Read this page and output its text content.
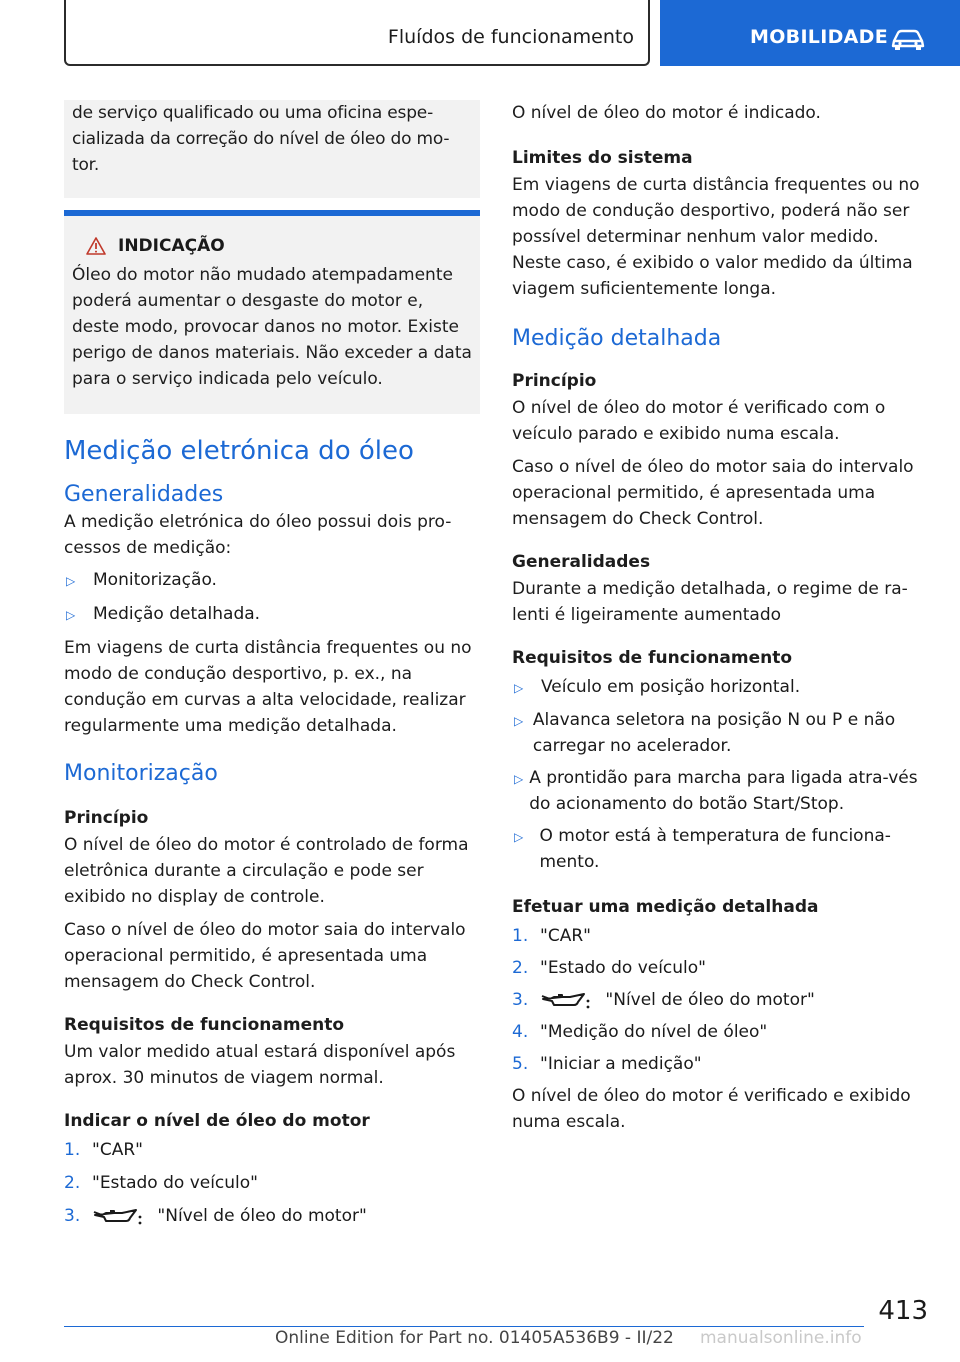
Fluídos de funcionamento	MOBILIDADE

de serviço qualificado ou uma oficina espe-cializada da correção do nível de óleo do mo-tor.

INDICAÇÃO

Óleo do motor não mudado atempadamente poderá aumentar o desgaste do motor e, deste modo, provocar danos no motor. Existe perigo de danos materiais. Não exceder a data para o serviço indicada pelo veículo.

Medição eletrónica do óleo
Generalidades

A medição eletrónica do óleo possui dois pro-cessos de medição:

▷	Monitorização.
▷	Medição detalhada.

Em viagens de curta distância frequentes ou no modo de condução desportivo, p. ex., na condução em curvas a alta velocidade, realizar regularmente uma medição detalhada.

Monitorização
Princípio

O nível de óleo do motor é controlado de forma eletrônica durante a circulação e pode ser exibido no display de controle.

Caso o nível de óleo do motor saia do intervalo operacional permitido, é apresentada uma mensagem do Check Control.

Requisitos de funcionamento

Um valor medido atual estará disponível após aprox. 30 minutos de viagem normal.

Indicar o nível de óleo do motor
1. "CAR"
2. "Estado do veículo"
3.	"Nível de óleo do motor"

O nível de óleo do motor é indicado.

Limites do sistema

Em viagens de curta distância frequentes ou no modo de condução desportivo, poderá não ser possível determinar nenhum valor medido. Neste caso, é exibido o valor medido da última viagem suficientemente longa.

Medição detalhada
Princípio

O nível de óleo do motor é verificado com o veículo parado e exibido numa escala.

Caso o nível de óleo do motor saia do intervalo operacional permitido, é apresentada uma mensagem do Check Control.

Generalidades

Durante a medição detalhada, o regime de ra-lenti é ligeiramente aumentado

Requisitos de funcionamento
▷	Veículo em posição horizontal.
▷ Alavanca seletora na posição N ou P e não carregar no acelerador.
▷ A prontidão para marcha para ligada atra-vés do acionamento do botão Start/Stop.
▷ O motor está à temperatura de funciona-mento.
Efetuar uma medição detalhada
1. "CAR"
2. "Estado do veículo"
3.	"Nível de óleo do motor"
4. "Medição do nível de óleo"
5. "Iniciar a medição"

O nível de óleo do motor é verificado e exibido numa escala.

413
Online Edition for Part no. 01405A536B9 - II/22 manualsonline.info
